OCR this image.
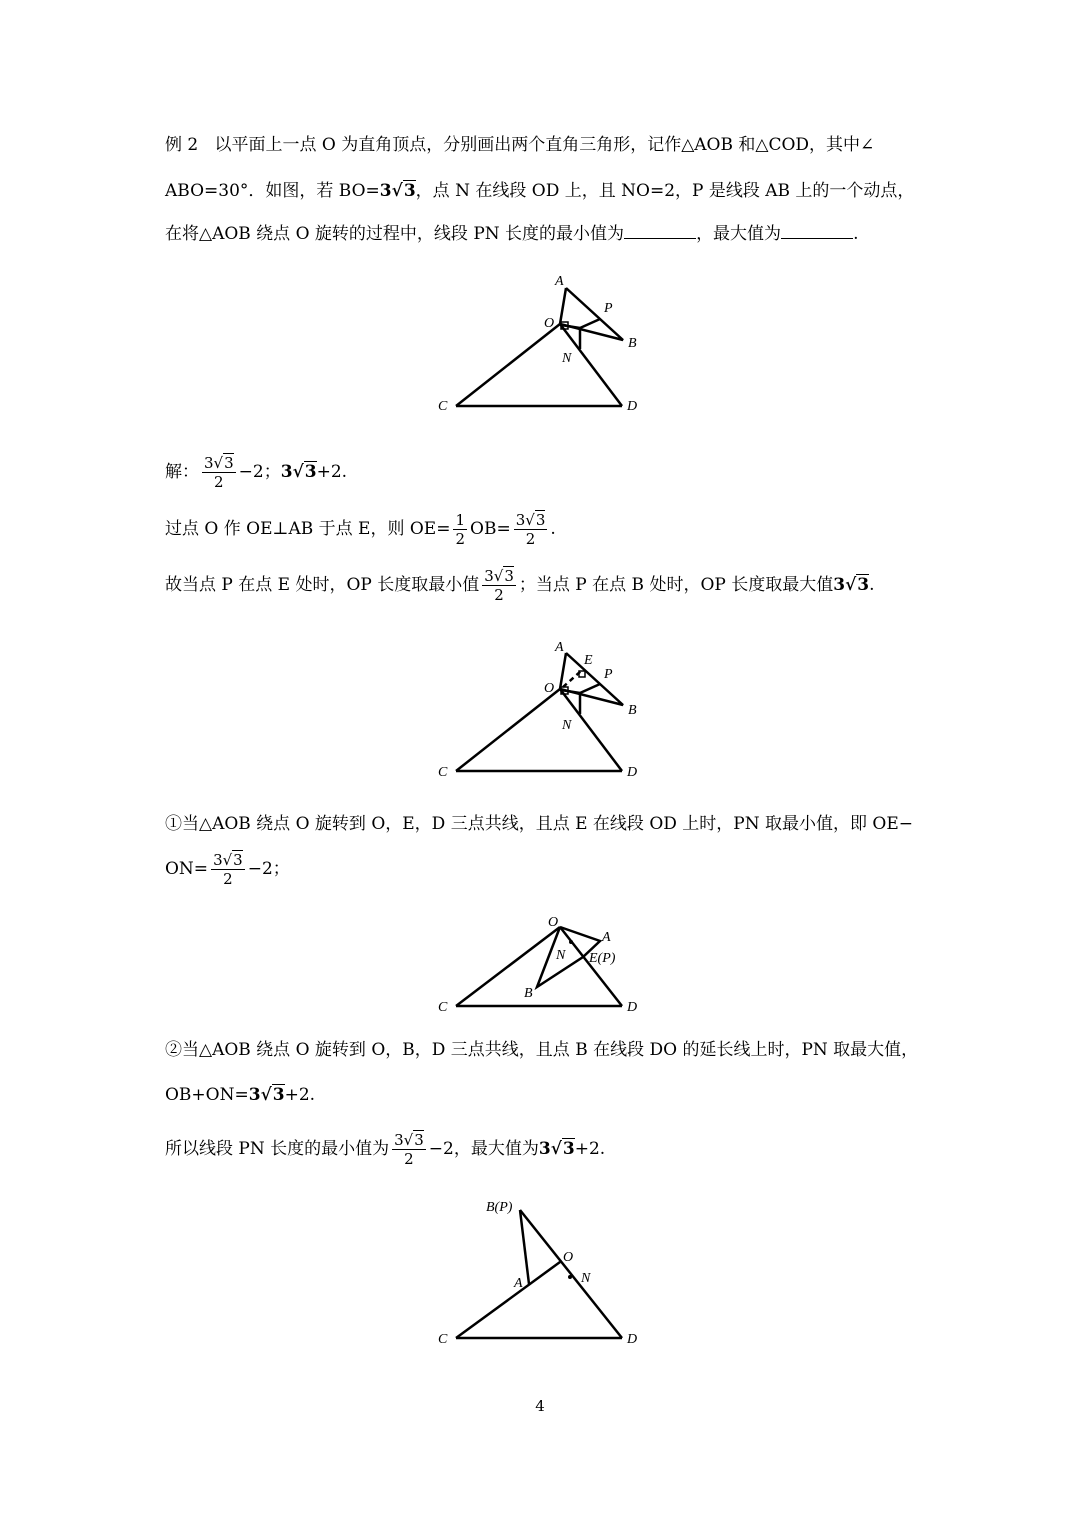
例 2 以平面上一点 O 为直角顶点，分别画出两个直角三角形，记作△AOB 和△COD，其中∠
ABO=30°．如图，若 BO=3√3，点 N 在线段 OD 上，且 NO=2，P 是线段 AB 上的一个动点，
在将△AOB 绕点 O 旋转的过程中，线段 PN 长度的最小值为	，最大值为	.
A
P
O
B
N
C	D
解： $\frac{3√3}{2} -2$；3√3+2.
过点 O 作 OE⊥AB 于点 E，则 $OE= \frac{1}{2} OB= \frac{3√3}{2}$ .
故当点 P 在点 E 处时，OP 长度取最小值 $\frac{3√3}{2}$ ；当点 P 在点 B 处时，OP 长度取最大值3√3.
A
E
P
O
B
N
C	D
①当△AOB 绕点 O 旋转到 O，E，D 三点共线，且点 E 在线段 OD 上时，PN 取最小值，即 OE−
$ON= \frac{3√3}{2} -2$；
O
A
N E(P)
B
C	D
②当△AOB 绕点 O 旋转到 O，B，D 三点共线，且点 B 在线段 DO 的延长线上时，PN 取最大值，
OB+ON=3√3+2.
所以线段 PN 长度的最小值为 $\frac{3√3}{2} -2$，最大值为3√3+2.
B(P)
O
A	N
C	D
4
